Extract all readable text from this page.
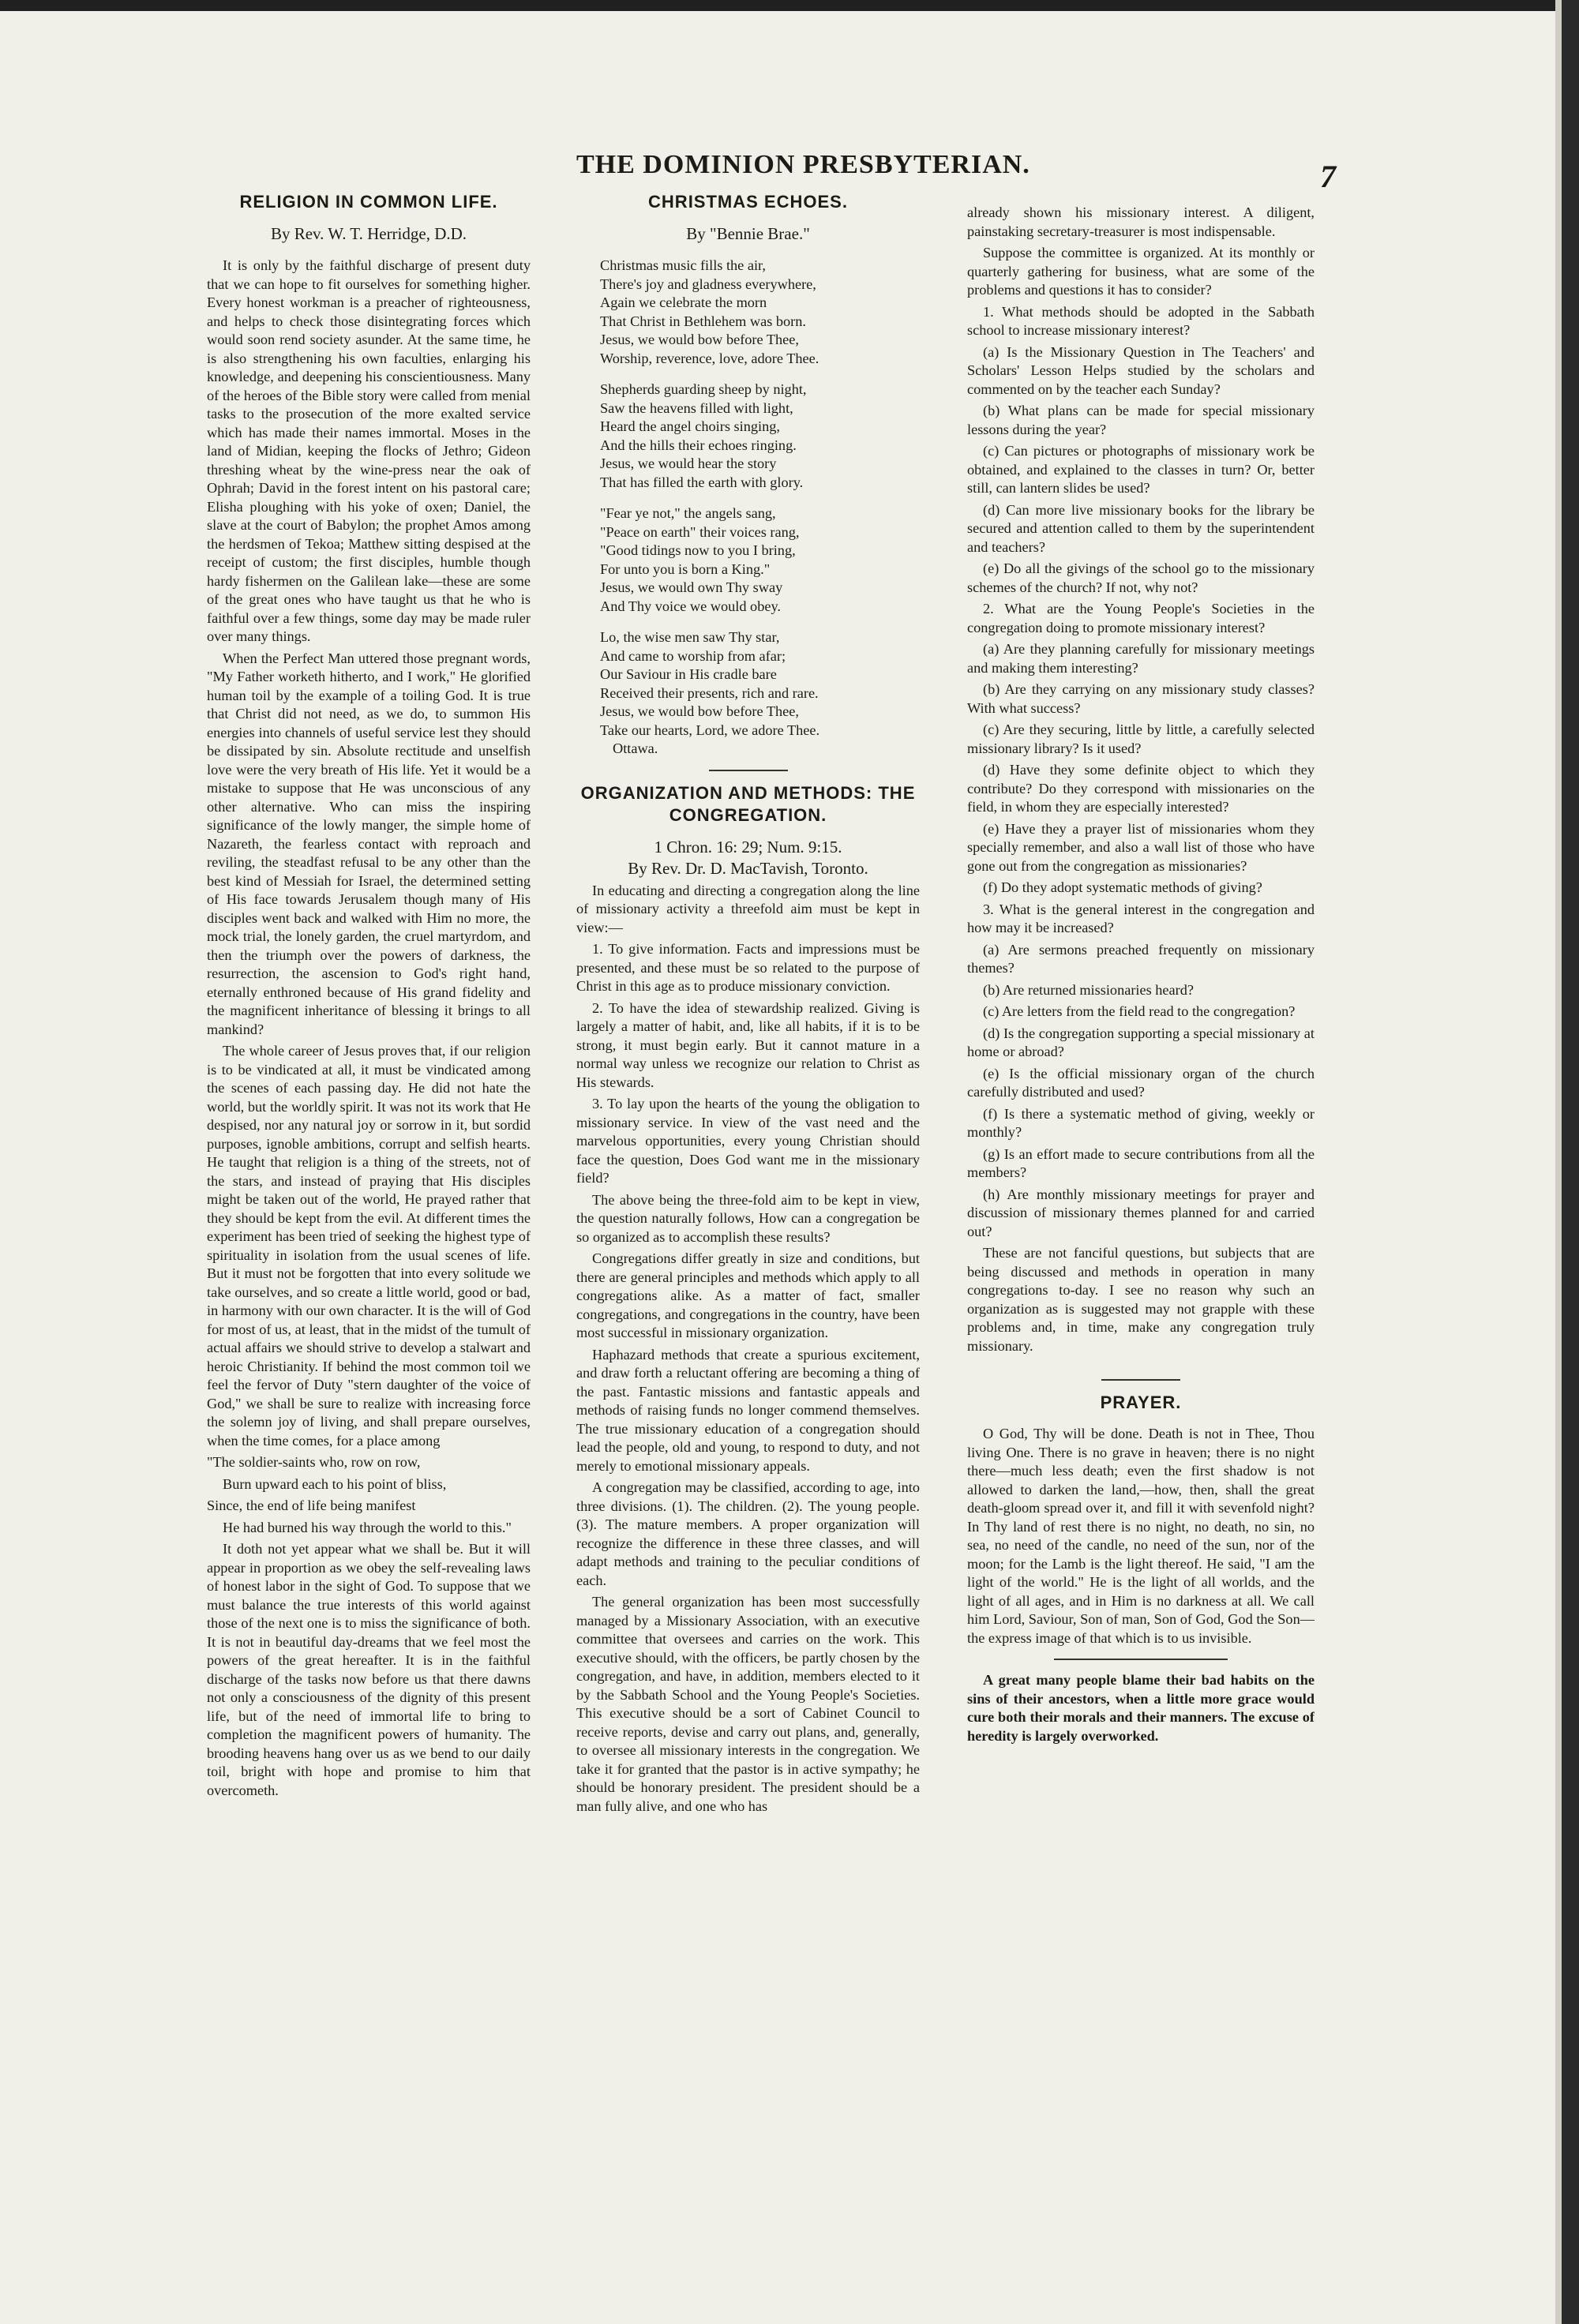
THE DOMINION PRESBYTERIAN.	7
RELIGION IN COMMON LIFE.
By Rev. W. T. Herridge, D.D.

It is only by the faithful discharge of present duty that we can hope to fit ourselves for something higher. Every honest workman is a preacher of righteousness, and helps to check those disintegrating forces which would soon rend society asunder. At the same time, he is also strengthening his own faculties, enlarging his knowledge, and deepening his conscientiousness. Many of the heroes of the Bible story were called from menial tasks to the prosecution of the more exalted service which has made their names immortal. Moses in the land of Midian, keeping the flocks of Jethro; Gideon threshing wheat by the wine-press near the oak of Ophrah; David in the forest intent on his pastoral care; Elisha ploughing with his yoke of oxen; Daniel, the slave at the court of Babylon; the prophet Amos among the herdsmen of Tekoa; Matthew sitting despised at the receipt of custom; the first disciples, humble though hardy fishermen on the Galilean lake—these are some of the great ones who have taught us that he who is faithful over a few things, some day may be made ruler over many things.

When the Perfect Man uttered those pregnant words, "My Father worketh hitherto, and I work," He glorified human toil by the example of a toiling God. It is true that Christ did not need, as we do, to summon His energies into channels of useful service lest they should be dissipated by sin. Absolute rectitude and unselfish love were the very breath of His life. Yet it would be a mistake to suppose that He was unconscious of any other alternative. Who can miss the inspiring significance of the lowly manger, the simple home of Nazareth, the fearless contact with reproach and reviling, the steadfast refusal to be any other than the best kind of Messiah for Israel, the determined setting of His face towards Jerusalem though many of His disciples went back and walked with Him no more, the mock trial, the lonely garden, the cruel martyrdom, and then the triumph over the powers of darkness, the resurrection, the ascension to God's right hand, eternally enthroned because of His grand fidelity and the magnificent inheritance of blessing it brings to all mankind?

The whole career of Jesus proves that, if our religion is to be vindicated at all, it must be vindicated among the scenes of each passing day. He did not hate the world, but the worldly spirit. It was not its work that He despised, nor any natural joy or sorrow in it, but sordid purposes, ignoble ambitions, corrupt and selfish hearts. He taught that religion is a thing of the streets, not of the stars, and instead of praying that His disciples might be taken out of the world, He prayed rather that they should be kept from the evil. At different times the experiment has been tried of seeking the highest type of spirituality in isolation from the usual scenes of life. But it must not be forgotten that into every solitude we take ourselves, and so create a little world, good or bad, in harmony with our own character. It is the will of God for most of us, at least, that in the midst of the tumult of actual affairs we should strive to develop a stalwart and heroic Christianity. If behind the most common toil we feel the fervor of Duty "stern daughter of the voice of God," we shall be sure to realize with increasing force the solemn joy of living, and shall prepare ourselves, when the time comes, for a place among

"The soldier-saints who, row on row,

Burn upward each to his point of bliss,

Since, the end of life being manifest

He had burned his way through the world to this."

It doth not yet appear what we shall be. But it will appear in proportion as we obey the self-revealing laws of honest labor in the sight of God. To suppose that we must balance the true interests of this world against those of the next one is to miss the significance of both. It is not in beautiful day-dreams that we feel most the powers of the great hereafter. It is in the faithful discharge of the tasks now before us that there dawns not only a consciousness of the dignity of this present life, but of the need of immortal life to bring to completion the magnificent powers of humanity. The brooding heavens hang over us as we bend to our daily toil, bright with hope and promise to him that overcometh.

CHRISTMAS ECHOES.
By "Bennie Brae."

Christmas music fills the air,
There's joy and gladness everywhere,
Again we celebrate the morn
That Christ in Bethlehem was born.
Jesus, we would bow before Thee,
Worship, reverence, love, adore Thee.

Shepherds guarding sheep by night,
Saw the heavens filled with light,
Heard the angel choirs singing,
And the hills their echoes ringing.
Jesus, we would hear the story
That has filled the earth with glory.

"Fear ye not," the angels sang,
"Peace on earth" their voices rang,
"Good tidings now to you I bring,
For unto you is born a King."
Jesus, we would own Thy sway
And Thy voice we would obey.

Lo, the wise men saw Thy star,
And came to worship from afar;
Our Saviour in His cradle bare
Received their presents, rich and rare.
Jesus, we would bow before Thee,
Take our hearts, Lord, we adore Thee.
Ottawa.

ORGANIZATION AND METHODS: THE CONGREGATION.
1 Chron. 16: 29; Num. 9:15.
By Rev. Dr. D. MacTavish, Toronto.

In educating and directing a congregation along the line of missionary activity a threefold aim must be kept in view:—

1. To give information. Facts and impressions must be presented, and these must be so related to the purpose of Christ in this age as to produce missionary conviction.

2. To have the idea of stewardship realized. Giving is largely a matter of habit, and, like all habits, if it is to be strong, it must begin early. But it cannot mature in a normal way unless we recognize our relation to Christ as His stewards.

3. To lay upon the hearts of the young the obligation to missionary service. In view of the vast need and the marvelous opportunities, every young Christian should face the question, Does God want me in the missionary field?

The above being the three-fold aim to be kept in view, the question naturally follows, How can a congregation be so organized as to accomplish these results?

Congregations differ greatly in size and conditions, but there are general principles and methods which apply to all congregations alike. As a matter of fact, smaller congregations, and congregations in the country, have been most successful in missionary organization.

Haphazard methods that create a spurious excitement, and draw forth a reluctant offering are becoming a thing of the past. Fantastic missions and fantastic appeals and methods of raising funds no longer commend themselves. The true missionary education of a congregation should lead the people, old and young, to respond to duty, and not merely to emotional missionary appeals.

A congregation may be classified, according to age, into three divisions. (1). The children. (2). The young people. (3). The mature members. A proper organization will recognize the difference in these three classes, and will adapt methods and training to the peculiar conditions of each.

The general organization has been most successfully managed by a Missionary Association, with an executive committee that oversees and carries on the work. This executive should, with the officers, be partly chosen by the congregation, and have, in addition, members elected to it by the Sabbath School and the Young People's Societies. This executive should be a sort of Cabinet Council to receive reports, devise and carry out plans, and, generally, to oversee all missionary interests in the congregation. We take it for granted that the pastor is in active sympathy; he should be honorary president. The president should be a man fully alive, and one who has

already shown his missionary interest. A diligent, painstaking secretary-treasurer is most indispensable.

Suppose the committee is organized. At its monthly or quarterly gathering for business, what are some of the problems and questions it has to consider?

1. What methods should be adopted in the Sabbath school to increase missionary interest?

(a) Is the Missionary Question in The Teachers' and Scholars' Lesson Helps studied by the scholars and commented on by the teacher each Sunday?

(b) What plans can be made for special missionary lessons during the year?

(c) Can pictures or photographs of missionary work be obtained, and explained to the classes in turn? Or, better still, can lantern slides be used?

(d) Can more live missionary books for the library be secured and attention called to them by the superintendent and teachers?

(e) Do all the givings of the school go to the missionary schemes of the church? If not, why not?

2. What are the Young People's Societies in the congregation doing to promote missionary interest?

(a) Are they planning carefully for missionary meetings and making them interesting?

(b) Are they carrying on any missionary study classes? With what success?

(c) Are they securing, little by little, a carefully selected missionary library? Is it used?

(d) Have they some definite object to which they contribute? Do they correspond with missionaries on the field, in whom they are especially interested?

(e) Have they a prayer list of missionaries whom they specially remember, and also a wall list of those who have gone out from the congregation as missionaries?

(f) Do they adopt systematic methods of giving?

3. What is the general interest in the congregation and how may it be increased?

(a) Are sermons preached frequently on missionary themes?

(b) Are returned missionaries heard?

(c) Are letters from the field read to the congregation?

(d) Is the congregation supporting a special missionary at home or abroad?

(e) Is the official missionary organ of the church carefully distributed and used?

(f) Is there a systematic method of giving, weekly or monthly?

(g) Is an effort made to secure contributions from all the members?

(h) Are monthly missionary meetings for prayer and discussion of missionary themes planned for and carried out?

These are not fanciful questions, but subjects that are being discussed and methods in operation in many congregations to-day. I see no reason why such an organization as is suggested may not grapple with these problems and, in time, make any congregation truly missionary.

PRAYER.

O God, Thy will be done. Death is not in Thee, Thou living One. There is no grave in heaven; there is no night there—much less death; even the first shadow is not allowed to darken the land,—how, then, shall the great death-gloom spread over it, and fill it with sevenfold night? In Thy land of rest there is no night, no death, no sin, no sea, no need of the candle, no need of the sun, nor of the moon; for the Lamb is the light thereof. He said, "I am the light of the world." He is the light of all worlds, and the light of all ages, and in Him is no darkness at all. We call him Lord, Saviour, Son of man, Son of God, God the Son—the express image of that which is to us invisible.

A great many people blame their bad habits on the sins of their ancestors, when a little more grace would cure both their morals and their manners. The excuse of heredity is largely overworked.
